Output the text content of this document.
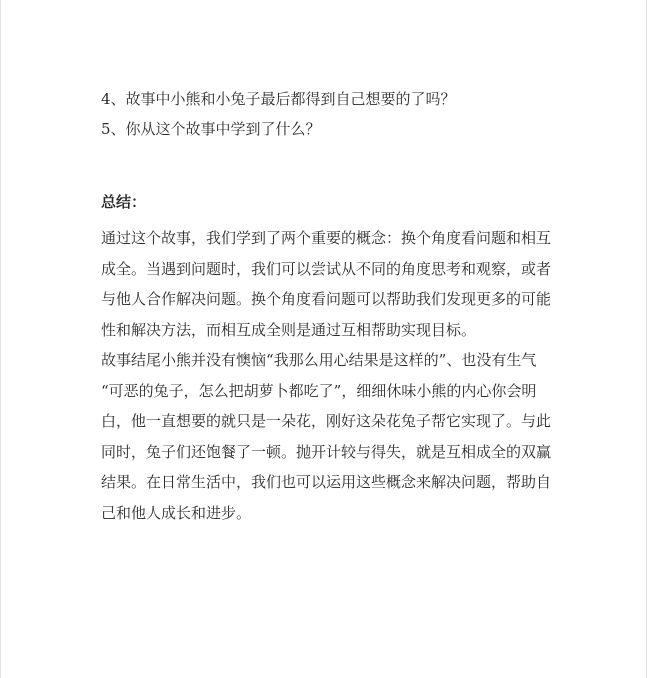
4、故事中小熊和小兔子最后都得到自己想要的了吗？

5、你从这个故事中学到了什么？

总结：

通过这个故事，我们学到了两个重要的概念：换个角度看问题和相互
成全。当遇到问题时，我们可以尝试从不同的角度思考和观察，或者
与他人合作解决问题。换个角度看问题可以帮助我们发现更多的可能
性和解决方法，而相互成全则是通过互相帮助实现目标。

故事结尾小熊并没有懊恼“我那么用心结果是这样的”、也没有生气
“可恶的兔子，怎么把胡萝卜都吃了”，细细休味小熊的内心你会明
白，他一直想要的就只是一朵花，刚好这朵花兔子帮它实现了。与此
同时，兔子们还饱餐了一顿。抛开计较与得失，就是互相成全的双赢
结果。在日常生活中，我们也可以运用这些概念来解决问题，帮助自
己和他人成长和进步。
